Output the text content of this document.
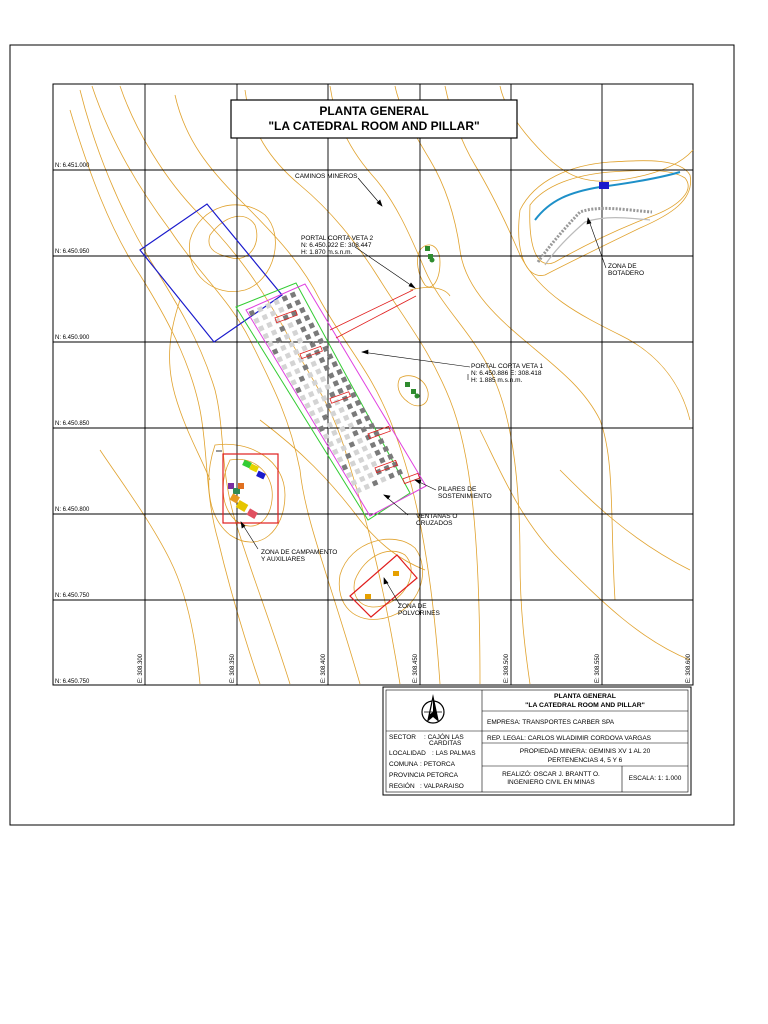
N: 6.451.000
N: 6.450.950
N: 6.450.900
N: 6.450.850
N: 6.450.800
N: 6.450.750
N: 6.450.750	E: 308.300	E: 308.350	E: 308.400	E: 308.450	E: 308.500	E: 308.550	E: 308.600
CAMINOS MINEROS
PORTAL CORTA VETA 2
N: 6.450.922 E: 308.447
H: 1.870 m.s.n.m.
PORTAL CORTA VETA 1
N: 6.450.886 E: 308.418
H: 1.885 m.s.n.m.
ZONA DE
BOTADERO
PILARES DE
SOSTENIMIENTO
VENTANAS O
CRUZADOS
ZONA DE CAMPAMENTO
Y AUXILIARES
ZONA DE
POLVORINES
PLANTA GENERAL
"LA CATEDRAL ROOM AND PILLAR"
PLANTA GENERAL
"LA CATEDRAL ROOM AND PILLAR"
EMPRESA: TRANSPORTES CARBER SPA
REP. LEGAL: CARLOS WLADIMIR CORDOVA VARGAS
PROPIEDAD MINERA: GEMINIS XV 1 AL 20
PERTENENCIAS 4, 5 Y 6
REALIZÓ: OSCAR J. BRANTT O.
INGENIERO CIVIL EN MINAS
ESCALA: 1: 1.000
SECTOR : CAJÓN LAS
CARDITAS
LOCALIDAD : LAS PALMAS
COMUNA : PETORCA
PROVINCIA
: PETORCA
REGIÓN : VALPARAISO
